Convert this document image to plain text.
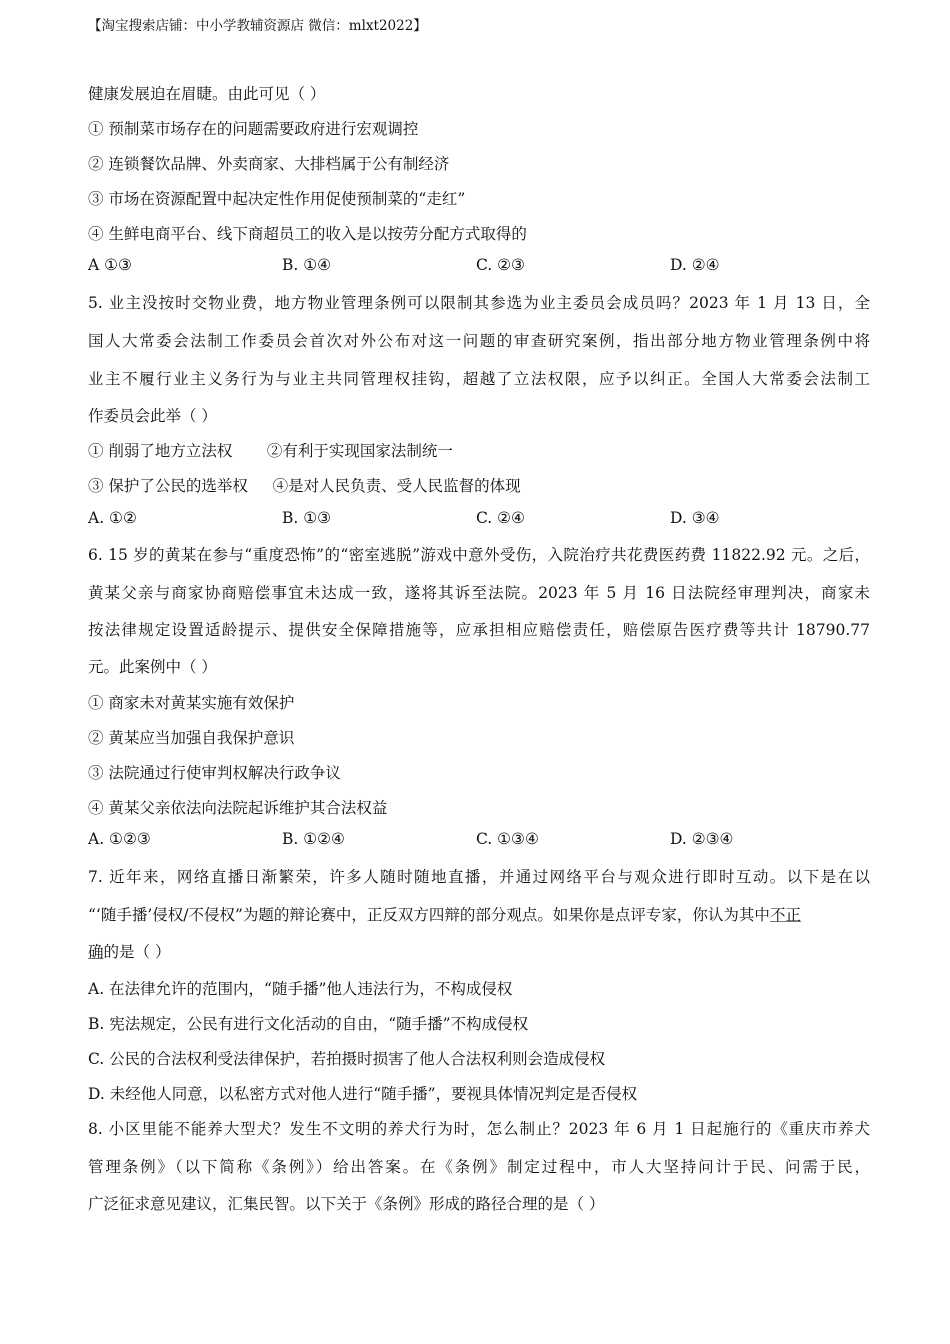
【淘宝搜索店铺：中小学教辅资源店 微信：mlxt2022】
健康发展迫在眉睫。由此可见（ ）
① 预制菜市场存在的问题需要政府进行宏观调控
② 连锁餐饮品牌、外卖商家、大排档属于公有制经济
③ 市场在资源配置中起决定性作用促使预制菜的“走红”
④ 生鲜电商平台、线下商超员工的收入是以按劳分配方式取得的
A ①③	B. ①④	C. ②③	D. ②④
5. 业主没按时交物业费，地方物业管理条例可以限制其参选为业主委员会成员吗？2023 年 1 月 13 日，全
国人大常委会法制工作委员会首次对外公布对这一问题的审查研究案例，指出部分地方物业管理条例中将
业主不履行业主义务行为与业主共同管理权挂钩，超越了立法权限，应予以纠正。全国人大常委会法制工
作委员会此举（ ）
① 削弱了地方立法权       ②有利于实现国家法制统一
③ 保护了公民的选举权     ④是对人民负责、受人民监督的体现
A. ①②	B. ①③	C. ②④	D. ③④
6. 15 岁的黄某在参与“重度恐怖”的“密室逃脱”游戏中意外受伤，入院治疗共花费医药费 11822.92 元。之后，
黄某父亲与商家协商赔偿事宜未达成一致，遂将其诉至法院。2023 年 5 月 16 日法院经审理判决，商家未
按法律规定设置适龄提示、提供安全保障措施等，应承担相应赔偿责任，赔偿原告医疗费等共计 18790.77
元。此案例中（ ）
① 商家未对黄某实施有效保护
② 黄某应当加强自我保护意识
③ 法院通过行使审判权解决行政争议
④ 黄某父亲依法向法院起诉维护其合法权益
A. ①②③	B. ①②④	C. ①③④	D. ②③④
7. 近年来，网络直播日渐繁荣，许多人随时随地直播，并通过网络平台与观众进行即时互动。以下是在以
“‘随手播’侵权/不侵权”为题的辩论赛中，正反双方四辩的部分观点。如果你是点评专家，你认为其中不正
确的是（ ）
A. 在法律允许的范围内，“随手播”他人违法行为，不构成侵权
B. 宪法规定，公民有进行文化活动的自由，“随手播”不构成侵权
C. 公民的合法权利受法律保护，若拍摄时损害了他人合法权利则会造成侵权
D. 未经他人同意，以私密方式对他人进行“随手播”，要视具体情况判定是否侵权
8. 小区里能不能养大型犬？发生不文明的养犬行为时，怎么制止？2023 年 6 月 1 日起施行的《重庆市养犬
管理条例》（以下简称《条例》）给出答案。在《条例》制定过程中，市人大坚持问计于民、问需于民，
广泛征求意见建议，汇集民智。以下关于《条例》形成的路径合理的是（ ）
